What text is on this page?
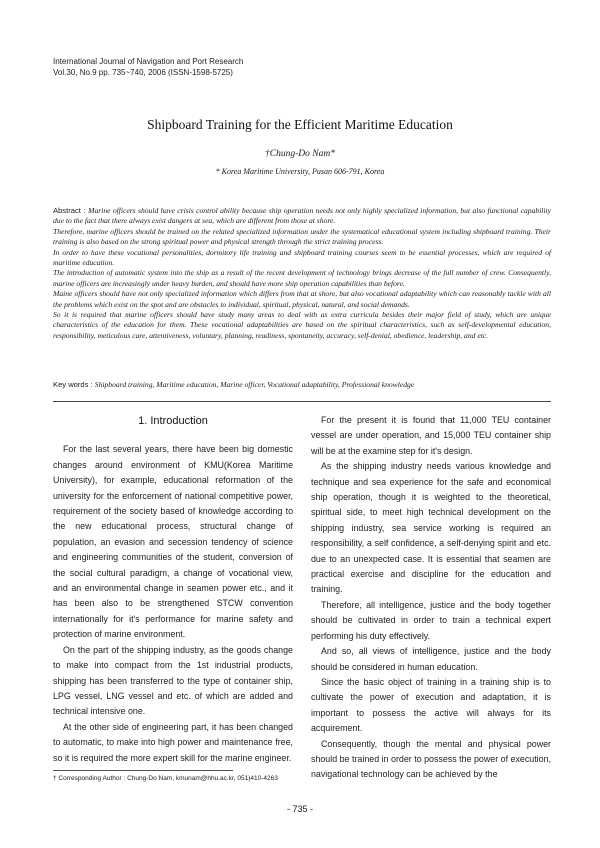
International Journal of Navigation and Port Research
Vol.30, No.9 pp. 735~740, 2006 (ISSN-1598-5725)
Shipboard Training for the Efficient Maritime Education
†Chung-Do Nam*
* Korea Maritime University, Pusan 606-791, Korea

Abstract : Marine officers should have crisis control ability because ship operation needs not only highly specialized information, but also functional capability due to the fact that there always exist dangers at sea, which are different from those at shore.

Therefore, marine officers should be trained on the related specialized information under the systematical educational system including shipboard training. Their training is also based on the strong spiritual power and physical strength through the strict training process.

In order to have these vocational personalities, dormitory life training and shipboard training courses seem to be essential processes, which are required of maritime education.

The introduction of automatic system into the ship as a result of the recent development of technology brings decrease of the full number of crew. Consequently, marine officers are increasingly under heavy burden, and should have more ship operation capabilities than before.

Maine officers should have not only specialized information which differs from that at shore, but also vocational adaptability which can reasonably tackle with all the problems which exist on the spot and are obstacles to individual, spiritual, physical, natural, and social demands.

So it is required that marine officers should have study many areas to deal with as extra curricula besides their major field of study, which are unique characteristics of the education for them. These vocational adaptabilities are based on the spiritual characteristics, such as self-developmental education, responsibility, meticulous care, attentiveness, voluntary, planning, readiness, spontaneity, accuracy, self-denial, obedience, leadership, and etc.

Key words : Shipboard training, Maritime education, Marine officer, Vocational adaptability, Professional knowledge
1. Introduction

For the last several years, there have been big domestic changes around environment of KMU(Korea Maritime University), for example, educational reformation of the university for the enforcement of national competitive power, requirement of the society based of knowledge according to the new educational process, structural change of population, an evasion and secession tendency of science and engineering communities of the student, conversion of the social cultural paradigm, a change of vocational view, and an environmental change in seamen power etc., and it has been also to be strengthened STCW convention internationally for it's performance for marine safety and protection of marine environment.

On the part of the shipping industry, as the goods change to make into compact from the 1st industrial products, shipping has been transferred to the type of container ship, LPG vessel, LNG vessel and etc. of which are added and technical intensive one.

At the other side of engineering part, it has been changed to automatic, to make into high power and maintenance free, so it is required the more expert skill for the marine engineer.

For the present it is found that 11,000 TEU container vessel are under operation, and 15,000 TEU container ship will be at the examine step for it's design.

As the shipping industry needs various knowledge and technique and sea experience for the safe and economical ship operation, though it is weighted to the theoretical, spiritual side, to meet high technical development on the shipping industry, sea service working is required an responsibility, a self confidence, a self-denying spirit and etc. due to an unexpected case. It is essential that seamen are practical exercise and discipline for the education and training.

Therefore, all intelligence, justice and the body together should be cultivated in order to train a technical expert performing his duty effectively.

And so, all views of intelligence, justice and the body should be considered in human education.

Since the basic object of training in a training ship is to cultivate the power of execution and adaptation, it is important to possess the active will always for its acquirement.

Consequently, though the mental and physical power should be trained in order to possess the power of execution, navigational technology can be achieved by the

† Corresponding Author : Chung-Do Nam, kmunam@hhu.ac.kr, 051)410-4263
- 735 -
